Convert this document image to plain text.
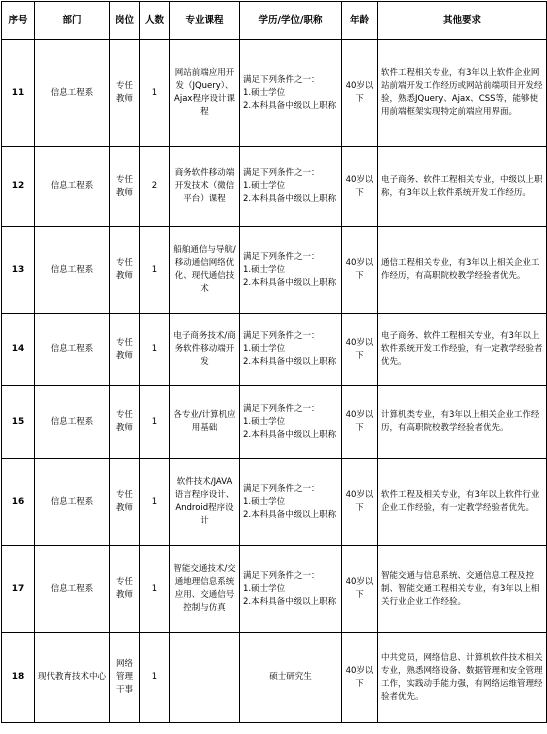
序号	部门	岗位	人数	专业课程	学历/学位/职称	年龄	其他要求
11	信息工程系	专任教师	1	网站前端应用开发（JQuery）、Ajax程序设计课程	满足下列条件之一：
1.硕士学位
2.本科具备中级以上职称	40岁以下	软件工程相关专业，有3年以上软件企业网站前端开发工作经历或网站前端项目开发经验，熟悉JQuery、Ajax、CSS等，能够使用前端框架实现特定前端应用界面。
12	信息工程系	专任教师	2	商务软件移动端开发技术（微信平台）课程	满足下列条件之一：
1.硕士学位
2.本科具备中级以上职称	40岁以下	电子商务、软件工程相关专业，中级以上职称，有3年以上软件系统开发工作经历。
13	信息工程系	专任教师	1	船舶通信与导航/移动通信网络优化、现代通信技术	满足下列条件之一：
1.硕士学位
2.本科具备中级以上职称	40岁以下	通信工程相关专业，有3年以上相关企业工作经历，有高职院校教学经验者优先。
14	信息工程系	专任教师	1	电子商务技术/商务软件移动端开发	满足下列条件之一：
1.硕士学位
2.本科具备中级以上职称	40岁以下	电子商务、软件工程相关专业，有3年以上软件系统开发工作经验，有一定教学经验者优先。
15	信息工程系	专任教师	1	各专业/计算机应用基础	满足下列条件之一：
1.硕士学位
2.本科具备中级以上职称	40岁以下	计算机类专业，有3年以上相关企业工作经历，有高职院校教学经验者优先。
16	信息工程系	专任教师	1	软件技术/JAVA语言程序设计、Android程序设计	满足下列条件之一：
1.硕士学位
2.本科具备中级以上职称	40岁以下	软件工程及相关专业，有3年以上软件行业企业工作经验，有一定教学经验者优先。
17	信息工程系	专任教师	1	智能交通技术/交通地理信息系统应用、交通信号控制与仿真	满足下列条件之一：
1.硕士学位
2.本科具备中级以上职称	40岁以下	智能交通与信息系统、交通信息工程及控制、智能交通工程相关专业，有3年以上相关行业企业工作经验。
18	现代教育技术中心	网络管理干事	1		硕士研究生	40岁以下	中共党员，网络信息、计算机软件技术相关专业，熟悉网络设备、数据管理和安全管理工作，实践动手能力强，有网络运维管理经验者优先。
